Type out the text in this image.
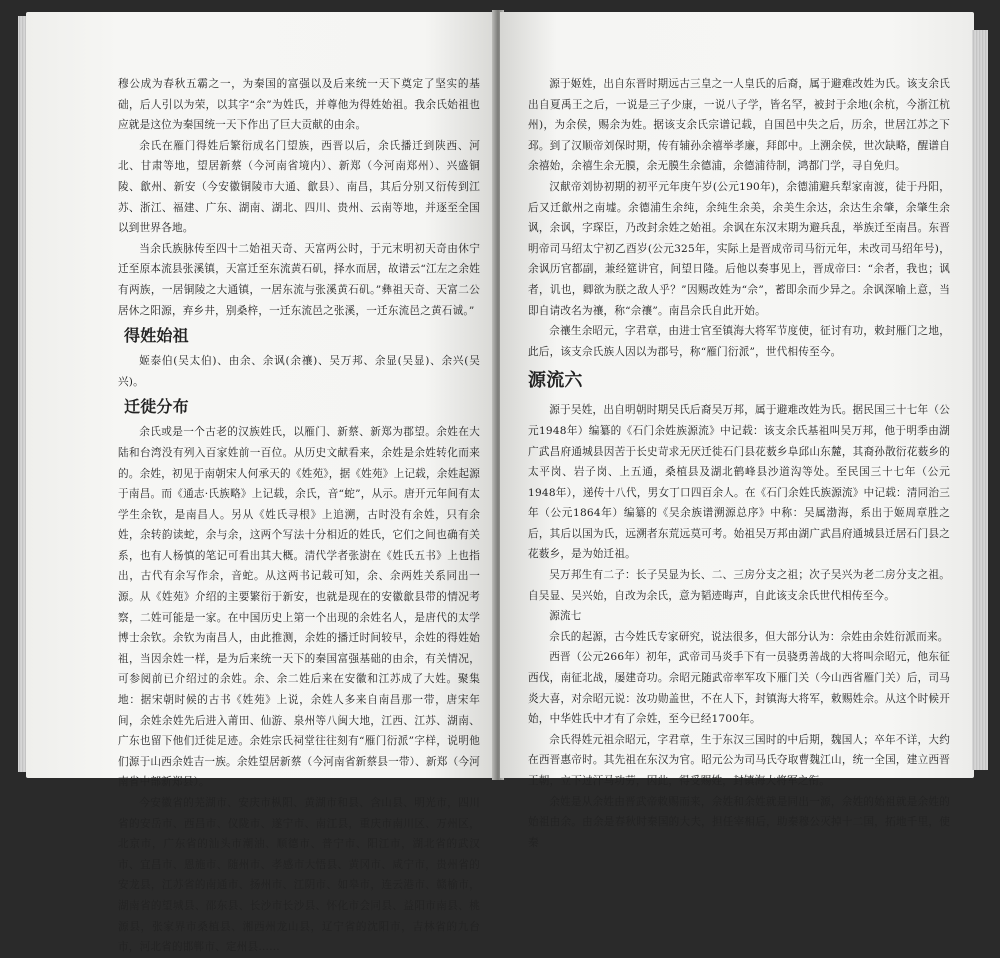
穆公成为春秋五霸之一，为秦国的富强以及后来统一天下奠定了坚实的基础，后人引以为荣，以其字“余”为姓氏，并尊他为得姓始祖。我余氏始祖也应就是这位为秦国统一天下作出了巨大贡献的由余。

余氏在雁门得姓后繁衍成名门望族，西晋以后，余氏播迁到陕西、河北、甘肃等地，望居新蔡（今河南省境内）、新郑（今河南郑州）、兴盛铜陵、歙州、新安（今安徽铜陵市大通、歙县）、南昌，其后分别又衍传到江苏、浙江、福建、广东、湖南、湖北、四川、贵州、云南等地，并逐至全国以到世界各地。

当余氏族脉传至四十二始祖天奇、天富两公时，于元末明初天奇由休宁迁至原本流县张溪镇，天富迁至东流黄石矶，择水而居，故谱云“江左之余姓有两族，一居铜陵之大通镇，一居东流与张溪黄石矶。”彝祖天奇、天富二公居休之阳源，弃乡井，别桑梓，一迁东流邑之张溪，一迁东流邑之黄石诚。”

得姓始祖

姬泰伯(吴太伯)、由余、余讽(余禳)、吴万邦、余显(吴显)、余兴(吴兴)。

迁徙分布

余氏或是一个古老的汉族姓氏，以雁门、新蔡、新郑为郡望。余姓在大陆和台湾没有列入百家姓前一百位。从历史文献看来，余姓是余姓转化而来的。余姓，初见于南朝宋人何承天的《姓苑》，据《姓苑》上记载，余姓起源于南昌。而《通志·氏族略》上记载，余氏，音“蛇”，从示。唐开元年间有太学生余钦，是南昌人。另从《姓氏寻根》上追溯，古时没有余姓，只有余姓，余转韵读蛇，余与余，这两个写法十分相近的姓氏，它们之间也确有关系，也有人杨慎的笔记可看出其大概。清代学者张澍在《姓氏五书》上也指出，古代有余写作余，音蛇。从这两书记载可知，余、余两姓关系同出一源。从《姓苑》介绍的主要繁衍于新安，也就是现在的安徽歙县带的情况考察，二姓可能是一家。在中国历史上第一个出现的余姓名人，是唐代的太学博士余钦。余钦为南昌人，由此推测，余姓的播迁时间较早，余姓的得姓始祖，当因余姓一样，是为后来统一天下的秦国富强基础的由余，有关情况，可参阅前已介绍过的余姓。余、余二姓后来在安徽和江苏成了大姓。聚集地：据宋朝时候的古书《姓苑》上说，余姓人多来自南昌那一带，唐宋年间，余姓余姓先后进入莆田、仙游、泉州等八闽大地，江西、江苏、湖南、广东也留下他们迁徙足迹。余姓宗氏祠堂往往刻有“雁门衍派”字样，说明他们源于山西余姓吉一族。余姓望居新蔡（今河南省新蔡县一带）、新郑（今河南省中部新郑县）。

今安徽省的芜湖市、安庆市枞阳、黄湖市和县、含山县、明光市，四川省的安岳市、西昌市、仪陇市、遂宁市、南江县，重庆市南川区、万州区，北京市，广东省的汕头市潮油、顺德市、普宁市、阳江市，湖北省的武汉市、宜昌市、恩施市、随州市、孝感市大悟县、黄冈市、咸宁市，贵州省的安龙县，江苏省的南通市、扬州市、江阴市、如皋市，连云港市、赣榆市，湖南省的望城县、邵东县、长沙市长沙县、怀化市会同县、益阳市南县、桃源县，张家界市桑植县、湘西州龙山县，辽宁省的沈阳市，吉林省的九台市，河北省的邯郸市、定州县……

源于姬姓，出自东晋时期远古三皇之一人皇氏的后裔，属于避难改姓为氏。该支余氏出自夏禹王之后，一说是三子少康，一说八子学，皆名罕，被封于余地(余杭，今浙江杭州)，为余侯，赐余为姓。据该支余氏宗谱记载，自国邑中失之后，历余，世居江苏之下邳。到了汉顺帝刘保时期，传有辅孙余禧举孝廉，拜郎中。上溯余侯，世次缺略，醒谱自余禧始，余禧生余无膜，余无膜生余德浦，余德浦待制，鸿都门学，寻自免归。

汉献帝刘协初期的初平元年庚午岁(公元190年)，余德浦避兵犁家南渡，徒于丹阳，后又迁歙州之南墟。余德浦生余纯，余纯生余美，余美生余达，余达生余肇，余肇生余讽，余讽，字琛臣，乃改封余姓之始祖。余讽在东汉末期为避兵乱，举族迁至南昌。东晋明帝司马绍太宁初乙酉岁(公元325年，实际上是晋成帝司马衍元年，未改司马绍年号)，余讽历官都副，兼经筵讲官，间望日隆。后他以奏事见上，晋成帝曰：“余者，我也；讽者，讥也，卿欲为朕之敌人乎？”因赐改姓为“佘”，蓄即余而少异之。余讽深喻上意，当即自请改名为禳，称“佘禳”。南昌佘氏自此开始。

佘禳生余昭元，字君章，由进士官至镇海大将军节度使，征讨有功，敕封雁门之地，此后，该支佘氏族人因以为郡号，称“雁门衍派”，世代相传至今。

源流六

源于吴姓，出自明朝时期吴氏后裔吴万邦，属于避难改姓为氏。据民国三十七年（公元1948年）编纂的《石门余姓族源流》中记载：该支余氏基祖叫吴万邦，他于明季由湖广武昌府通城县因苦于长史苛求无厌迁徙石门县花薮乡阜邱山东麓，其裔孙散衍花薮乡的太平岗、岩子岗、上五通，桑植县及湖北鹤峰县沙道沟等处。至民国三十七年（公元1948年），递传十八代，男女丁口四百余人。在《石门余姓氏族源流》中记载：清同治三年（公元1864年）编纂的《吴余族谱溯源总序》中称：吴属渤海，系出于姬周章胜之后，其后以国为氏，远溯者东荒远莫可考。始祖吴万邦由湖广武昌府通城县迁居石门县之花薮乡，是为始迁祖。

吴万邦生有二子：长子吴显为长、二、三房分支之祖；次子吴兴为老二房分支之祖。自吴显、吴兴始，自改为余氏，意为韬迹晦声，自此该支余氏世代相传至今。

源流七

佘氏的起源，古今姓氏专家研究，说法很多，但大部分认为：佘姓由余姓衍派而来。

西晋（公元266年）初年，武帝司马炎手下有一员骁勇善战的大将叫佘昭元，他东征西伐，南征北战，屡建奇功。佘昭元随武帝率军攻下雁门关（今山西省雁门关）后，司马炎大喜，对佘昭元说：汝功勋盖世，不在人下，封镇海大将军，敕赐姓佘。从这个时候开始，中华姓氏中才有了佘姓，至今已经1700年。

佘氏得姓元祖佘昭元，字君章，生于东汉三国时的中后期，魏国人；卒年不详，大约在西晋惠帝时。其先祖在东汉为官。昭元公为司马氏夺取曹魏江山，统一全国，建立西晋王朝，立下过汗马功劳，因此，得受赐姓，封镇海大将军之衔。

余姓是从余姓由晋武帝敕赐而来，佘姓和余姓就是同出一源，佘姓的始祖就是余姓的始祖由余。由余是春秋时秦国的大夫，担任宰相后，助秦穆公灭掉十二国，拓地千里，使秦
